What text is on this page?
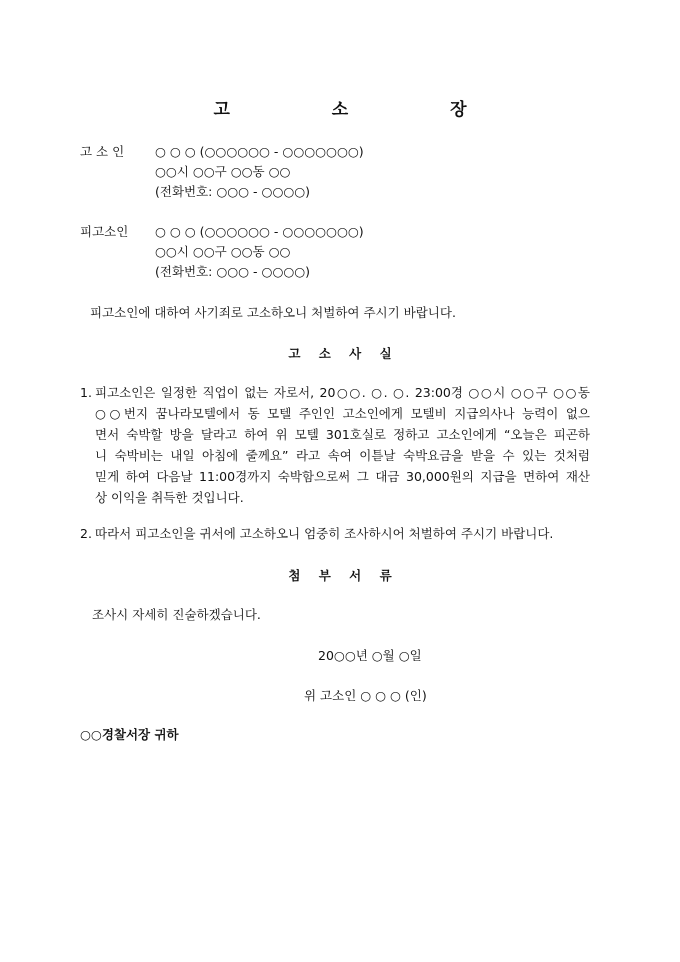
고 소 장
고 소 인	○ ○ ○ (○○○○○○ - ○○○○○○○)
○○시 ○○구 ○○동 ○○
(전화번호: ○○○ - ○○○○)
피고소인	○ ○ ○ (○○○○○○ - ○○○○○○○)
○○시 ○○구 ○○동 ○○
(전화번호: ○○○ - ○○○○)
피고소인에 대하여 사기죄로 고소하오니 처벌하여 주시기 바랍니다.
고 소 사 실
1. 피고소인은 일정한 직업이 없는 자로서, 20○○. ○. ○. 23:00경 ○○시 ○○구 ○○동
○○번지 꿈나라모텔에서 동 모텔 주인인 고소인에게 모텔비 지급의사나 능력이 없으
면서 숙박할 방을 달라고 하여 위 모텔 301호실로 정하고 고소인에게 “오늘은 피곤하
니 숙박비는 내일 아침에 줄께요” 라고 속여 이튿날 숙박요금을 받을 수 있는 것처럼
믿게 하여 다음날 11:00경까지 숙박함으로써 그 대금 30,000원의 지급을 면하여 재산
상 이익을 취득한 것입니다.
2. 따라서 피고소인을 귀서에 고소하오니 엄중히 조사하시어 처벌하여 주시기 바랍니다.
첨 부 서 류
조사시 자세히 진술하겠습니다.
20○○년 ○월 ○일
위 고소인 ○ ○ ○ (인)
○○경찰서장 귀하
